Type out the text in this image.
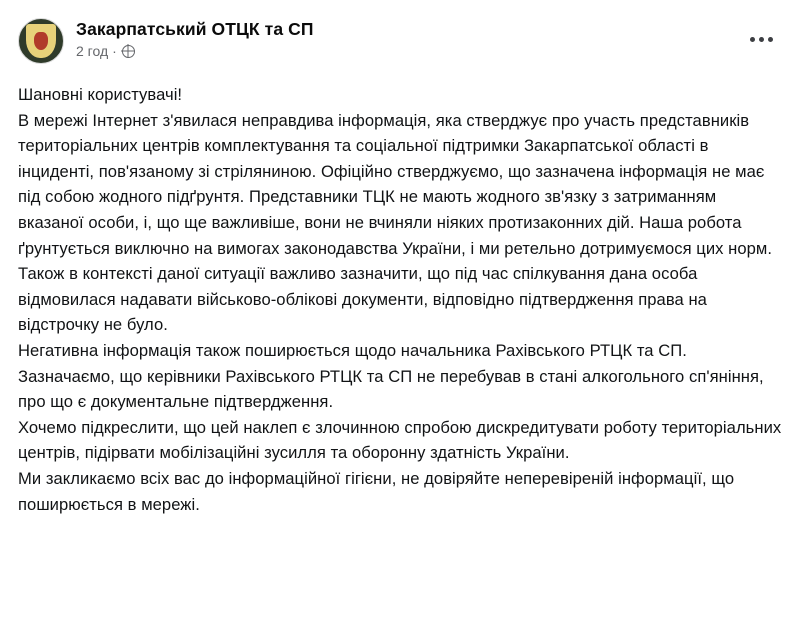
Закарпатський ОТЦК та СП
2 год ·

Шановні користувачі!

В мережі Інтернет з'явилася неправдива інформація, яка стверджує про участь представників територіальних центрів комплектування та соціальної підтримки Закарпатської області в інциденті, пов'язаному зі стріляниною. Офіційно стверджуємо, що зазначена інформація не має під собою жодного підґрунтя. Представники ТЦК не мають жодного зв'язку з затриманням вказаної особи, і, що ще важливіше, вони не вчиняли ніяких протизаконних дій. Наша робота ґрунтується виключно на вимогах законодавства України, і ми ретельно дотримуємося цих норм.

Також в контексті даної ситуації важливо зазначити, що під час спілкування дана особа відмовилася надавати військово-облікові документи, відповідно підтвердження права на відстрочку не було.

Негативна інформація також поширюється щодо начальника Рахівського РТЦК та СП. Зазначаємо, що керівники Рахівського РТЦК та СП не перебував в стані алкогольного сп'яніння, про що є документальне підтвердження.

Хочемо підкреслити, що цей наклеп є злочинною спробою дискредитувати роботу територіальних центрів, підірвати мобілізаційні зусилля та оборонну здатність України.

Ми закликаємо всіх вас до інформаційної гігієни, не довіряйте неперевіреній інформації, що поширюється в мережі.
